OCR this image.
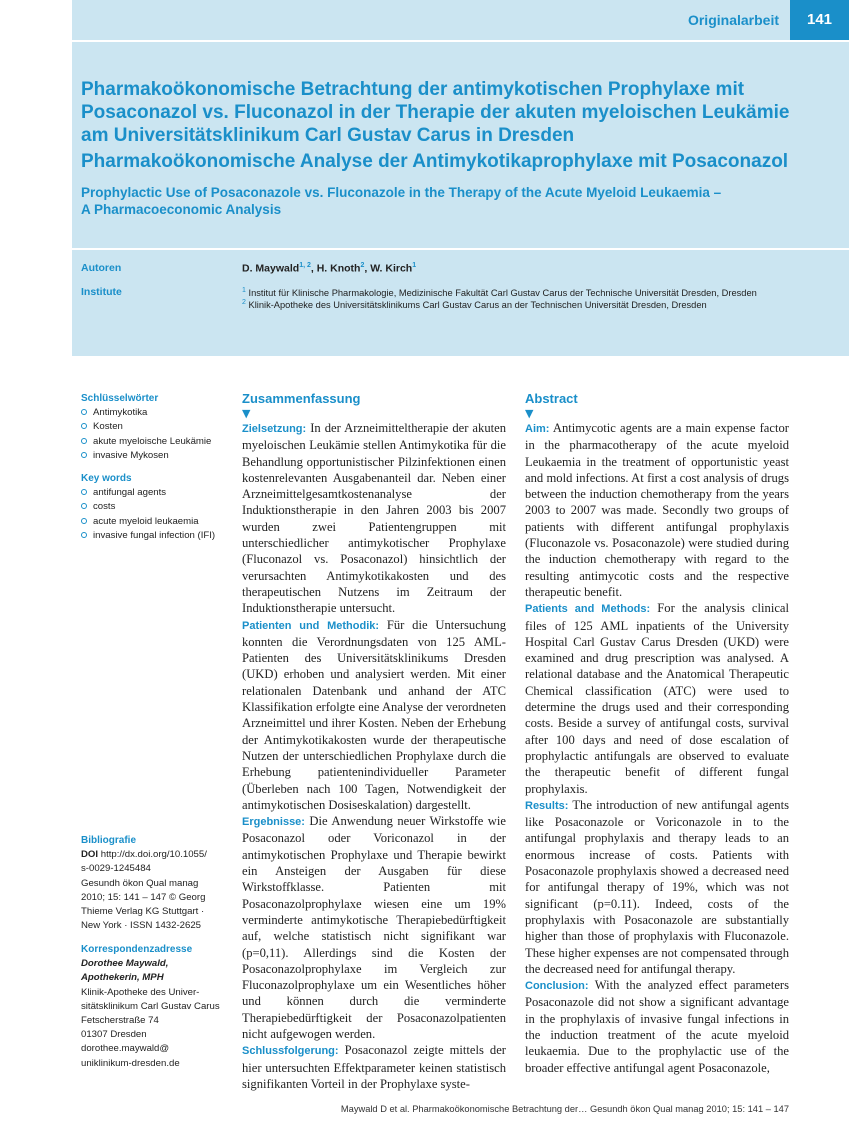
Originalarbeit	141
Pharmakoökonomische Betrachtung der antimykotischen Prophylaxe mit Posaconazol vs. Fluconazol in der Therapie der akuten myeloischen Leukämie am Universitätsklinikum Carl Gustav Carus in Dresden
Pharmakoökonomische Analyse der Antimykotikaprophylaxe mit Posaconazol
Prophylactic Use of Posaconazole vs. Fluconazole in the Therapy of the Acute Myeloid Leukaemia –
A Pharmacoeconomic Analysis
Autoren
Institute
D. Maywald$^{1, 2}$, H. Knoth$^2$, W. Kirch$^1$
Schlüsselwörter
Antimykotika
Kosten
akute myeloische Leukämie
invasive Mykosen
Key words
antifungal agents
costs
acute myeloid leukaemia
invasive fungal infection (IFI)
Bibliografie
DOI http://dx.doi.org/10.1055/
s-0029-1245484
Gesundh ökon Qual manag
2010; 15: 141 – 147 © Georg
Thieme Verlag KG Stuttgart ·
New York · ISSN 1432-2625
Korrespondenzadresse
Dorothee Maywald,
Apothekerin, MPH
Klinik-Apotheke des Univer-
sitätsklinikum Carl Gustav Carus
Fetscherstraße 74
01307 Dresden
dorothee.maywald@
uniklinikum-dresden.de
Zusammenfassung
▼

Zielsetzung: In der Arzneimitteltherapie der akuten myeloischen Leukämie stellen Antimykotika für die Behandlung opportunistischer Pilzinfektionen einen kostenrelevanten Ausgabenanteil dar. Neben einer Arzneimittelgesamtkostenanalyse der Induktionstherapie in den Jahren 2003 bis 2007 wurden zwei Patientengruppen mit unterschiedlicher antimykotischer Prophylaxe (Fluconazol vs. Posaconazol) hinsichtlich der verursachten Antimykotikakosten und des therapeutischen Nutzens im Zeitraum der Induktionstherapie untersucht.

Patienten und Methodik: Für die Untersuchung konnten die Verordnungsdaten von 125 AML-Patienten des Universitätsklinikums Dresden (UKD) erhoben und analysiert werden. Mit einer relationalen Datenbank und anhand der ATC Klassifikation erfolgte eine Analyse der verordneten Arzneimittel und ihrer Kosten. Neben der Erhebung der Antimykotikakosten wurde der therapeutische Nutzen der unterschiedlichen Prophylaxe durch die Erhebung patientenindividueller Parameter (Überleben nach 100 Tagen, Notwendigkeit der antimykotischen Dosiseskalation) dargestellt.

Ergebnisse: Die Anwendung neuer Wirkstoffe wie Posaconazol oder Voriconazol in der antimykotischen Prophylaxe und Therapie bewirkt ein Ansteigen der Ausgaben für diese Wirkstoffklasse. Patienten mit Posaconazolprophylaxe wiesen eine um 19% verminderte antimykotische Therapiebedürftigkeit auf, welche statistisch nicht signifikant war (p=0,11). Allerdings sind die Kosten der Posaconazolprophylaxe im Vergleich zur Fluconazolprophylaxe um ein Wesentliches höher und können durch die verminderte Therapiebedürftigkeit der Posaconazolpatienten nicht aufgewogen werden.

Schlussfolgerung: Posaconazol zeigte mittels der hier untersuchten Effektparameter keinen statistisch signifikanten Vorteil in der Prophylaxe syste-

Abstract
▼

Aim: Antimycotic agents are a main expense factor in the pharmacotherapy of the acute myeloid Leukaemia in the treatment of opportunistic yeast and mold infections. At first a cost analysis of drugs between the induction chemotherapy from the years 2003 to 2007 was made. Secondly two groups of patients with different antifungal prophylaxis (Fluconazole vs. Posaconazole) were studied during the induction chemotherapy with regard to the resulting antimycotic costs and the respective therapeutic benefit.

Patients and Methods: For the analysis clinical files of 125 AML inpatients of the University Hospital Carl Gustav Carus Dresden (UKD) were examined and drug prescription was analysed. A relational database and the Anatomical Therapeutic Chemical classification (ATC) were used to determine the drugs used and their corresponding costs. Beside a survey of antifungal costs, survival after 100 days and need of dose escalation of prophylactic antifungals are observed to evaluate the therapeutic benefit of different fungal prophylaxis.

Results: The introduction of new antifungal agents like Posaconazole or Voriconazole in to the antifungal prophylaxis and therapy leads to an enormous increase of costs. Patients with Posaconazole prophylaxis showed a decreased need for antifungal therapy of 19%, which was not significant (p=0.11). Indeed, costs of the prophylaxis with Posaconazole are substantially higher than those of prophylaxis with Fluconazole. These higher expenses are not compensated through the decreased need for antifungal therapy.

Conclusion: With the analyzed effect parameters Posaconazole did not show a significant advantage in the prophylaxis of invasive fungal infections in the induction treatment of the acute myeloid leukaemia. Due to the prophylactic use of the broader effective antifungal agent Posaconazole,

Maywald D et al. Pharmakoökonomische Betrachtung der… Gesundh ökon Qual manag 2010; 15: 141 – 147
$^1$ Institut für Klinische Pharmakologie, Medizinische Fakultät Carl Gustav Carus der Technische Universität Dresden, Dresden
$^2$ Klinik-Apotheke des Universitätsklinikums Carl Gustav Carus an der Technischen Universität Dresden, Dresden
